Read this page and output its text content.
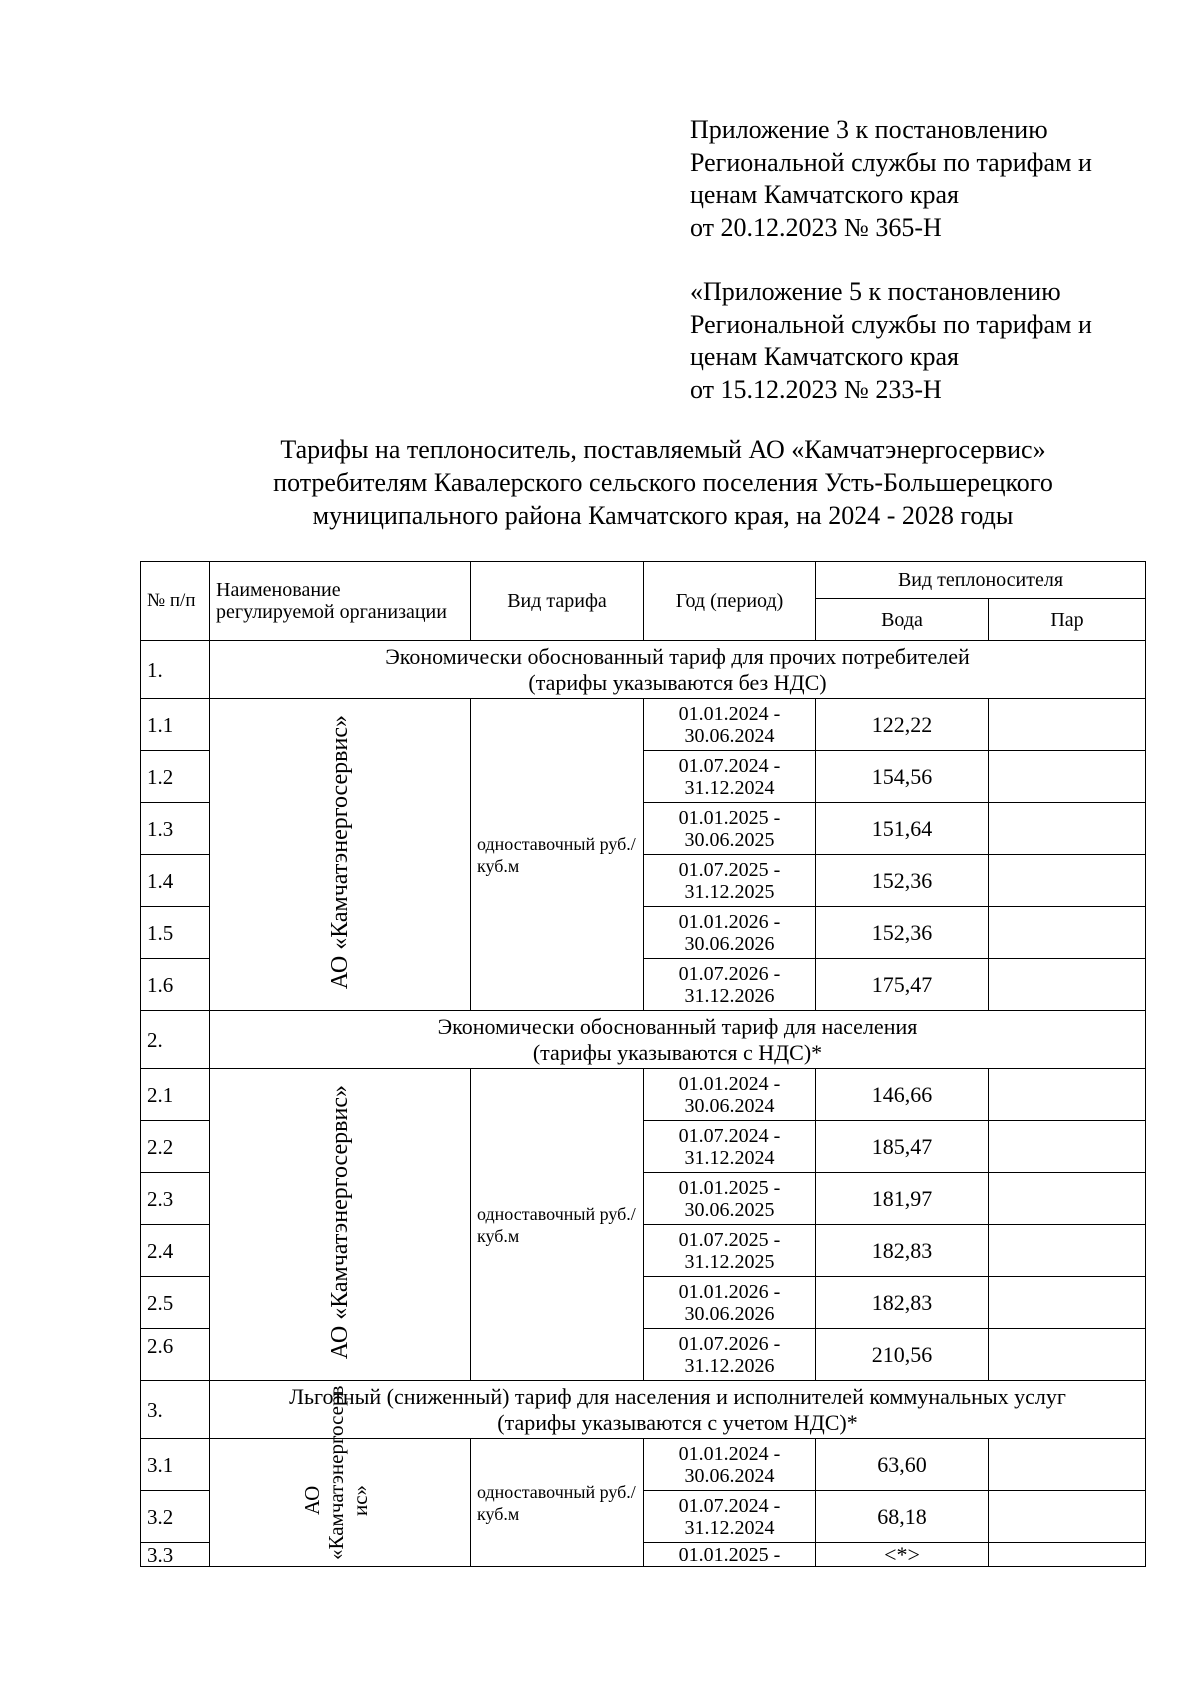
Приложение 3 к постановлению

Региональной службы по тарифам и

ценам Камчатского края

от 20.12.2023 № 365-Н

«Приложение 5 к постановлению

Региональной службы по тарифам и

ценам Камчатского края

от 15.12.2023 № 233-Н

Тарифы на теплоноситель, поставляемый АО «Камчатэнергосервис»

потребителям Кавалерского сельского поселения Усть-Большерецкого

муниципального района Камчатского края, на 2024 - 2028 годы

№ п/п	Наименование регулируемой организации	Вид тарифа	Год (период)	Вид теплоносителя	
				Вода	Пар
1.	Экономически обоснованный тариф для прочих потребителей
(тарифы указываются без НДС)				

1.1	АО «Камчатэнергосервис»	одноставочный руб./куб.м	01.01.2024 -
30.06.2024	122,22	
1.2			01.07.2024 -
31.12.2024	154,56	
1.3			01.01.2025 -
30.06.2025	151,64	
1.4			01.07.2025 -
31.12.2025	152,36	
1.5			01.01.2026 -
30.06.2026	152,36	
1.6			01.07.2026 -
31.12.2026	175,47	
2.	Экономически обоснованный тариф для населения
(тарифы указываются с НДС)*				

2.1	АО «Камчатэнергосервис»	одноставочный руб./куб.м	01.01.2024 -
30.06.2024	146,66	
2.2			01.07.2024 -
31.12.2024	185,47	
2.3			01.01.2025 -
30.06.2025	181,97	
2.4			01.07.2025 -
31.12.2025	182,83	
2.5			01.01.2026 -
30.06.2026	182,83	
2.6			01.07.2026 -
31.12.2026	210,56	
3.	Льготный (сниженный) тариф для населения и исполнителей коммунальных услуг
(тарифы указываются с учетом НДС)*				

3.1	АО «Камчатэнергосерв ис»	одноставочный руб./куб.м	01.01.2024 -
30.06.2024	63,60	
3.2			01.07.2024 -
31.12.2024	68,18	
3.3			01.01.2025 -	<*>	
